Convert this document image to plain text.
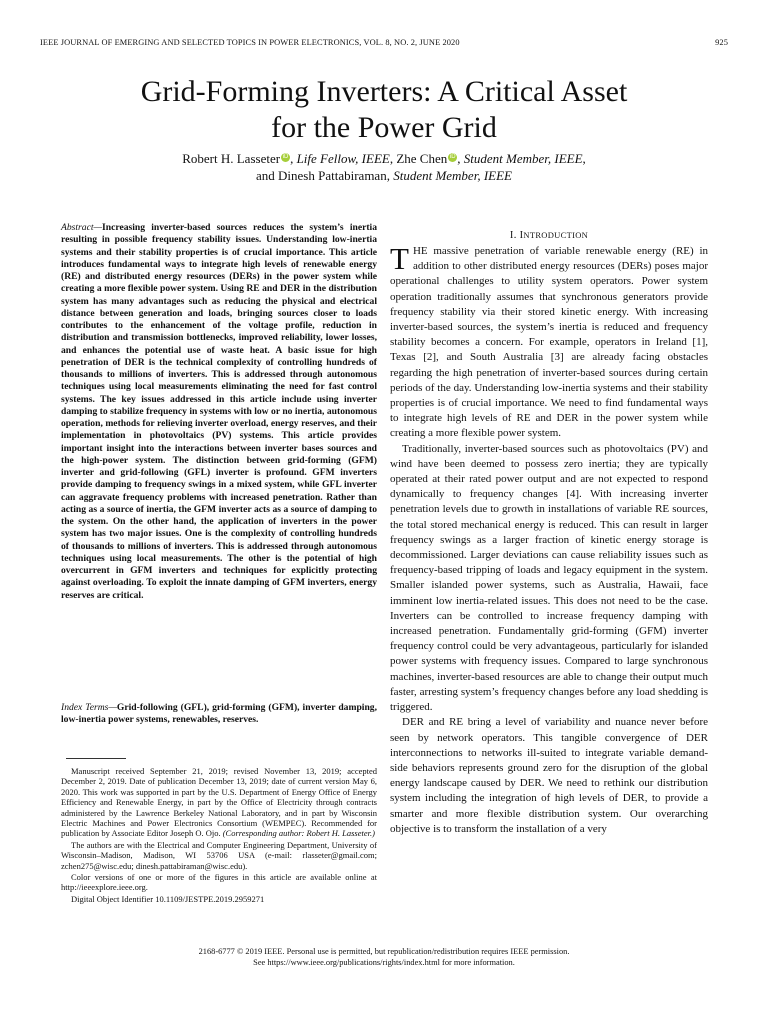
IEEE JOURNAL OF EMERGING AND SELECTED TOPICS IN POWER ELECTRONICS, VOL. 8, NO. 2, JUNE 2020	925
Grid-Forming Inverters: A Critical Asset
for the Power Grid
Robert H. Lasseter iD , Life Fellow, IEEE, Zhe Chen iD , Student Member, IEEE,
and Dinesh Pattabiraman, Student Member, IEEE
Abstract—Increasing inverter-based sources reduces the system’s inertia resulting in possible frequency stability issues. Understanding low-inertia systems and their stability properties is of crucial importance. This article introduces fundamental ways to integrate high levels of renewable energy (RE) and distributed energy resources (DERs) in the power system while creating a more flexible power system. Using RE and DER in the distribution system has many advantages such as reducing the physical and electrical distance between generation and loads, bringing sources closer to loads contributes to the enhancement of the voltage profile, reduction in distribution and transmission bottlenecks, improved reliability, lower losses, and enhances the potential use of waste heat. A basic issue for high penetration of DER is the technical complexity of controlling hundreds of thousands to millions of inverters. This is addressed through autonomous techniques using local measurements eliminating the need for fast control systems. The key issues addressed in this article include using inverter damping to stabilize frequency in systems with low or no inertia, autonomous operation, methods for relieving inverter overload, energy reserves, and their implementation in photovoltaics (PV) systems. This article provides important insight into the interactions between inverter bases sources and the high-power system. The distinction between grid-forming (GFM) inverter and grid-following (GFL) inverter is profound. GFM inverters provide damping to frequency swings in a mixed system, while GFL inverter can aggravate frequency problems with increased penetration. Rather than acting as a source of inertia, the GFM inverter acts as a source of damping to the system. On the other hand, the application of inverters in the power system has two major issues. One is the complexity of controlling hundreds of thousands to millions of inverters. This is addressed through autonomous techniques using local measurements. The other is the potential of high overcurrent in GFM inverters and techniques for explicitly protecting against overloading. To exploit the innate damping of GFM inverters, energy reserves are critical.
Index Terms—Grid-following (GFL), grid-forming (GFM), inverter damping, low-inertia power systems, renewables, reserves.

Manuscript received September 21, 2019; revised November 13, 2019; accepted December 2, 2019. Date of publication December 13, 2019; date of current version May 6, 2020. This work was supported in part by the U.S. Department of Energy Office of Energy Efficiency and Renewable Energy, in part by the Office of Electricity through contracts administered by the Lawrence Berkeley National Laboratory, and in part by Wisconsin Electric Machines and Power Electronics Consortium (WEMPEC). Recommended for publication by Associate Editor Joseph O. Ojo. (Corresponding author: Robert H. Lasseter.)

The authors are with the Electrical and Computer Engineering Department, University of Wisconsin–Madison, Madison, WI 53706 USA (e-mail: rlasseter@gmail.com; zchen275@wisc.edu; dinesh.pattabiraman@wisc.edu).

Color versions of one or more of the figures in this article are available online at http://ieeexplore.ieee.org.

Digital Object Identifier 10.1109/JESTPE.2019.2959271

I. INTRODUCTION

THE massive penetration of variable renewable energy (RE) in addition to other distributed energy resources (DERs) poses major operational challenges to utility system operators. Power system operation traditionally assumes that synchronous generators provide frequency stability via their stored kinetic energy. With increasing inverter-based sources, the system’s inertia is reduced and frequency stability becomes a concern. For example, operators in Ireland [1], Texas [2], and South Australia [3] are already facing obstacles regarding the high penetration of inverter-based sources during certain periods of the day. Understanding low-inertia systems and their stability properties is of crucial importance. We need to find fundamental ways to integrate high levels of RE and DER in the power system while creating a more flexible power system.

Traditionally, inverter-based sources such as photovoltaics (PV) and wind have been deemed to possess zero inertia; they are typically operated at their rated power output and are not expected to respond dynamically to frequency changes [4]. With increasing inverter penetration levels due to growth in installations of variable RE sources, the total stored mechanical energy is reduced. This can result in larger frequency swings as a larger fraction of kinetic energy storage is decommissioned. Larger deviations can cause reliability issues such as frequency-based tripping of loads and legacy equipment in the system. Smaller islanded power systems, such as Australia, Hawaii, face imminent low inertia-related issues. This does not need to be the case. Inverters can be controlled to increase frequency damping with increased penetration. Fundamentally grid-forming (GFM) inverter frequency control could be very advantageous, particularly for islanded power systems with frequency issues. Compared to large synchronous machines, inverter-based resources are able to change their output much faster, arresting system’s frequency changes before any load shedding is triggered.

DER and RE bring a level of variability and nuance never before seen by network operators. This tangible convergence of DER interconnections to networks ill-suited to integrate variable demand-side behaviors represents ground zero for the disruption of the global energy landscape caused by DER. We need to rethink our distribution system including the integration of high levels of DER, to provide a smarter and more flexible distribution system. Our overarching objective is to transform the installation of a very

2168-6777 © 2019 IEEE. Personal use is permitted, but republication/redistribution requires IEEE permission.
See https://www.ieee.org/publications/rights/index.html for more information.
